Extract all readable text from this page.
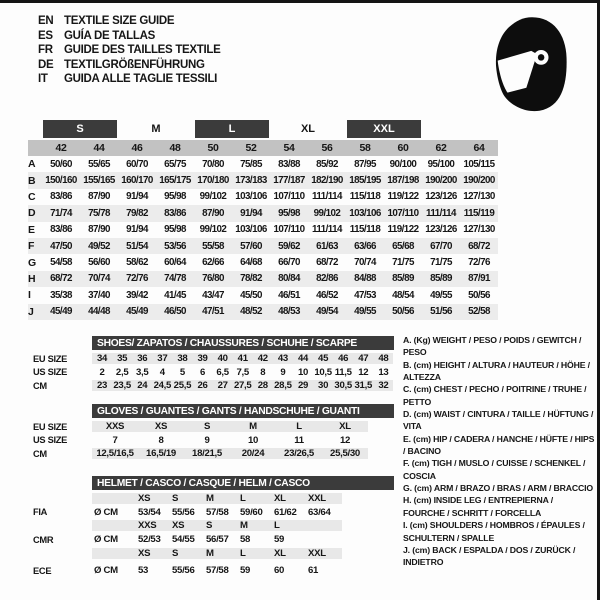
EN TEXTILE SIZE GUIDE
ES GUÍA DE TALLAS
FR GUIDE DES TAILLES TEXTILE
DE TEXTILGRÖßENFÜHRUNG
IT	GUIDA ALLE TAGLIE TESSILI
S	M	L	XL	XXL
42	44	46	48	50	52	54	56	58	60	62	64
A	50/60	55/65	60/70	65/75	70/80	75/85	83/88	85/92	87/95	90/100	95/100 105/115
B	150/160 155/165 160/170 165/175 170/180 173/183 177/187 182/190 185/195 187/198 190/200 190/200
C	83/86	87/90	91/94	95/98	99/102 103/106 107/110 111/114 115/118 119/122 123/126 127/130
D	71/74	75/78	79/82	83/86	87/90	91/94	95/98	99/102 103/106 107/110 111/114 115/119
E	83/86	87/90	91/94	95/98	99/102 103/106 107/110 111/114 115/118 119/122 123/126 127/130
F	47/50	49/52	51/54	53/56	55/58	57/60	59/62	61/63	63/66	65/68	67/70	68/72
G	54/58	56/60	58/62	60/64	62/66	64/68	66/70	68/72	70/74	71/75	71/75	72/76
H	68/72	70/74	72/76	74/78	76/80	78/82	80/84	82/86	84/88	85/89	85/89	87/91
I	35/38	37/40	39/42	41/45	43/47	45/50	46/51	46/52	47/53	48/54	49/55	50/56
J	45/49	44/48	45/49	46/50	47/51	48/52	48/53	49/54	49/55	50/56	51/56	52/58
SHOES/ ZAPATOS / CHAUSSURES / SCHUHE / SCARPE
EU SIZE	34	35	36	37	38	39	40	41	42	43	44	45	46	47	48
US SIZE	2	2,5 3,5	4	5	6	6,5 7,5	8	9	10 10,5 11,5 12	13
CM	23 23,5 24 24,5 25,5 26	27 27,5 28 28,5 29	30 30,5 31,5 32
GLOVES / GUANTES / GANTS / HANDSCHUHE / GUANTI
EU SIZE	XXS	XS	S	M	L	XL
US SIZE	7	8	9	10	11	12
CM	12,5/16,5	16,5/19	18/21,5	20/24	23/26,5	25,5/30
HELMET / CASCO / CASQUE / HELM / CASCO
XS	S	M	L	XL	XXL
FIA	Ø CM	53/54	55/56	57/58	59/60	61/62	63/64
XXS	XS	S	M	L
CMR	Ø CM	52/53	54/55	56/57	58	59
XS	S	M	L	XL	XXL
ECE	Ø CM	53	55/56	57/58	59	60	61
A. (Kg) WEIGHT / PESO / POIDS / GEWITCH / PESO
B. (cm) HEIGHT / ALTURA / HAUTEUR / HÖHE / ALTEZZA
C. (cm) CHEST / PECHO / POITRINE / TRUHE / PETTO
D. (cm) WAIST / CINTURA / TAILLE / HÜFTUNG / VITA
E. (cm) HIP / CADERA / HANCHE / HÜFTE / HIPS / BACINO
F. (cm) TIGH / MUSLO / CUISSE / SCHENKEL / COSCIA
G. (cm) ARM / BRAZO / BRAS / ARM / BRACCIO
H. (cm) INSIDE LEG / ENTREPIERNA / FOURCHE / SCHRITT / FORCELLA
I. (cm) SHOULDERS / HOMBROS / ÉPAULES / SCHULTERN / SPALLE
J. (cm) BACK / ESPALDA / DOS / ZURÜCK / INDIETRO
